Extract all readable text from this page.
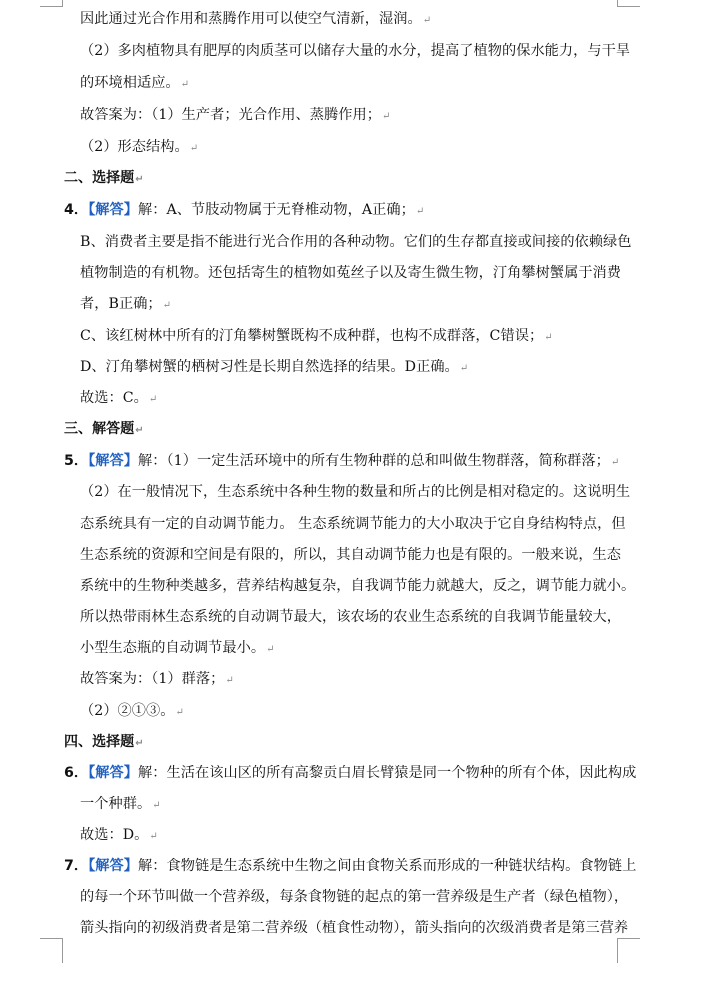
因此通过光合作用和蒸腾作用可以使空气清新，湿润。↵
（2）多肉植物具有肥厚的肉质茎可以储存大量的水分，提高了植物的保水能力，与干旱
的环境相适应。↵
故答案为：（1）生产者；光合作用、蒸腾作用；↵
（2）形态结构。↵
二、选择题↵
4．【解答】解：A、节肢动物属于无脊椎动物，A正确；↵
B、消费者主要是指不能进行光合作用的各种动物。它们的生存都直接或间接的依赖绿色
植物制造的有机物。还包括寄生的植物如菟丝子以及寄生微生物，汀角攀树蟹属于消费
者，B正确；↵
C、该红树林中所有的汀角攀树蟹既构不成种群，也构不成群落，C错误；↵
D、汀角攀树蟹的栖树习性是长期自然选择的结果。D正确。↵
故选：C。↵
三、解答题↵
5．【解答】解：（1）一定生活环境中的所有生物种群的总和叫做生物群落，简称群落；↵
（2）在一般情况下，生态系统中各种生物的数量和所占的比例是相对稳定的。这说明生
态系统具有一定的自动调节能力。 生态系统调节能力的大小取决于它自身结构特点，但
生态系统的资源和空间是有限的，所以，其自动调节能力也是有限的。一般来说，生态
系统中的生物种类越多，营养结构越复杂，自我调节能力就越大，反之，调节能力就小。
所以热带雨林生态系统的自动调节最大，该农场的农业生态系统的自我调节能量较大，
小型生态瓶的自动调节最小。↵
故答案为：（1）群落；↵
（2）②①③。↵
四、选择题↵
6．【解答】解：生活在该山区的所有高黎贡白眉长臂猿是同一个物种的所有个体，因此构成
一个种群。↵
故选：D。↵
7．【解答】解：食物链是生态系统中生物之间由食物关系而形成的一种链状结构。食物链上
的每一个环节叫做一个营养级，每条食物链的起点的第一营养级是生产者（绿色植物），
箭头指向的初级消费者是第二营养级（植食性动物），箭头指向的次级消费者是第三营养
